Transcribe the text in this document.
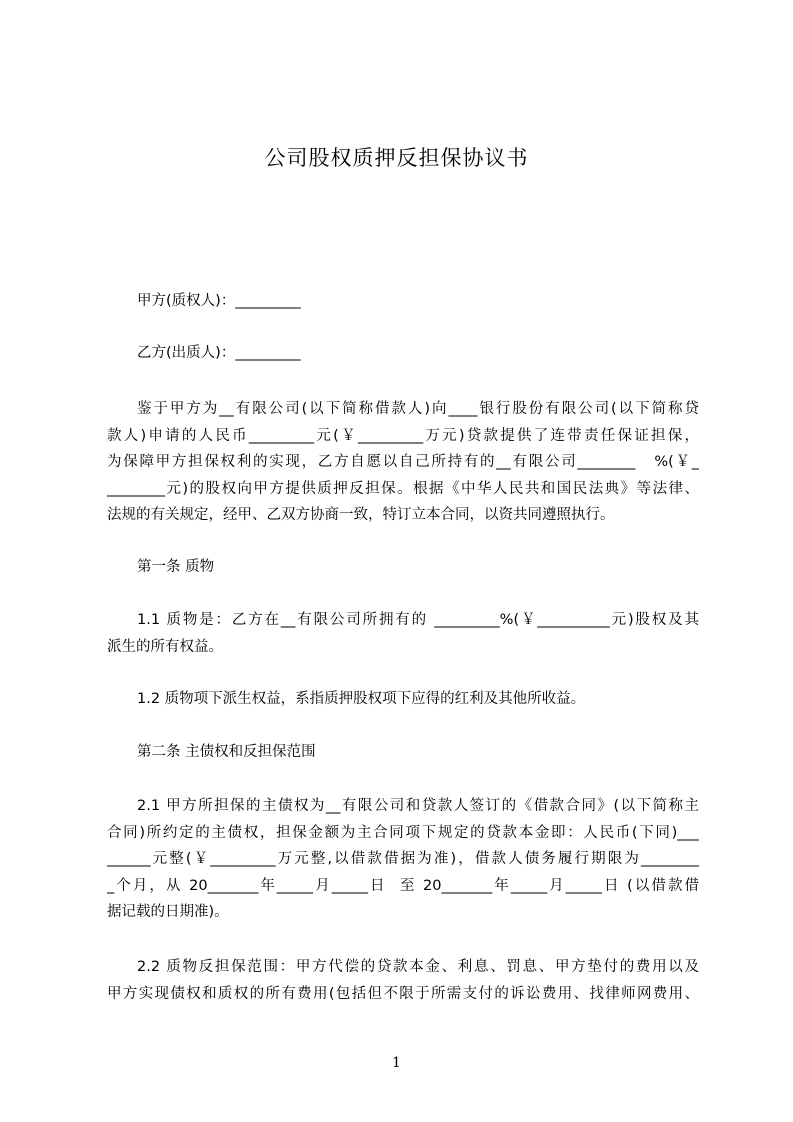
公司股权质押反担保协议书
甲方(质权人)：_________
乙方(出质人)：_________
鉴于甲方为__有限公司(以下简称借款人)向____银行股份有限公司(以下简称贷
款人)申请的人民币_________元(￥_________万元)贷款提供了连带责任保证担保，
为保障甲方担保权利的实现，乙方自愿以自己所持有的__有限公司________   %(￥_
________元)的股权向甲方提供质押反担保。根据《中华人民共和国民法典》等法律、
法规的有关规定，经甲、乙双方协商一致，特订立本合同，以资共同遵照执行。
第一条 质物
1.1 质物是：乙方在__有限公司所拥有的 _________%(￥__________元)股权及其
派生的所有权益。
1.2 质物项下派生权益，系指质押股权项下应得的红利及其他所收益。
第二条 主债权和反担保范围
2.1 甲方所担保的主债权为__有限公司和贷款人签订的《借款合同》(以下简称主
合同)所约定的主债权，担保金额为主合同项下规定的贷款本金即：人民币(下同)___
______元整(￥_________万元整,以借款借据为准)，借款人债务履行期限为________
_个月，从 20_______年_____月_____日  至 20_______年_____月_____日 (以借款借
据记载的日期准)。
2.2 质物反担保范围：甲方代偿的贷款本金、利息、罚息、甲方垫付的费用以及
甲方实现债权和质权的所有费用(包括但不限于所需支付的诉讼费用、找律师网费用、
1
